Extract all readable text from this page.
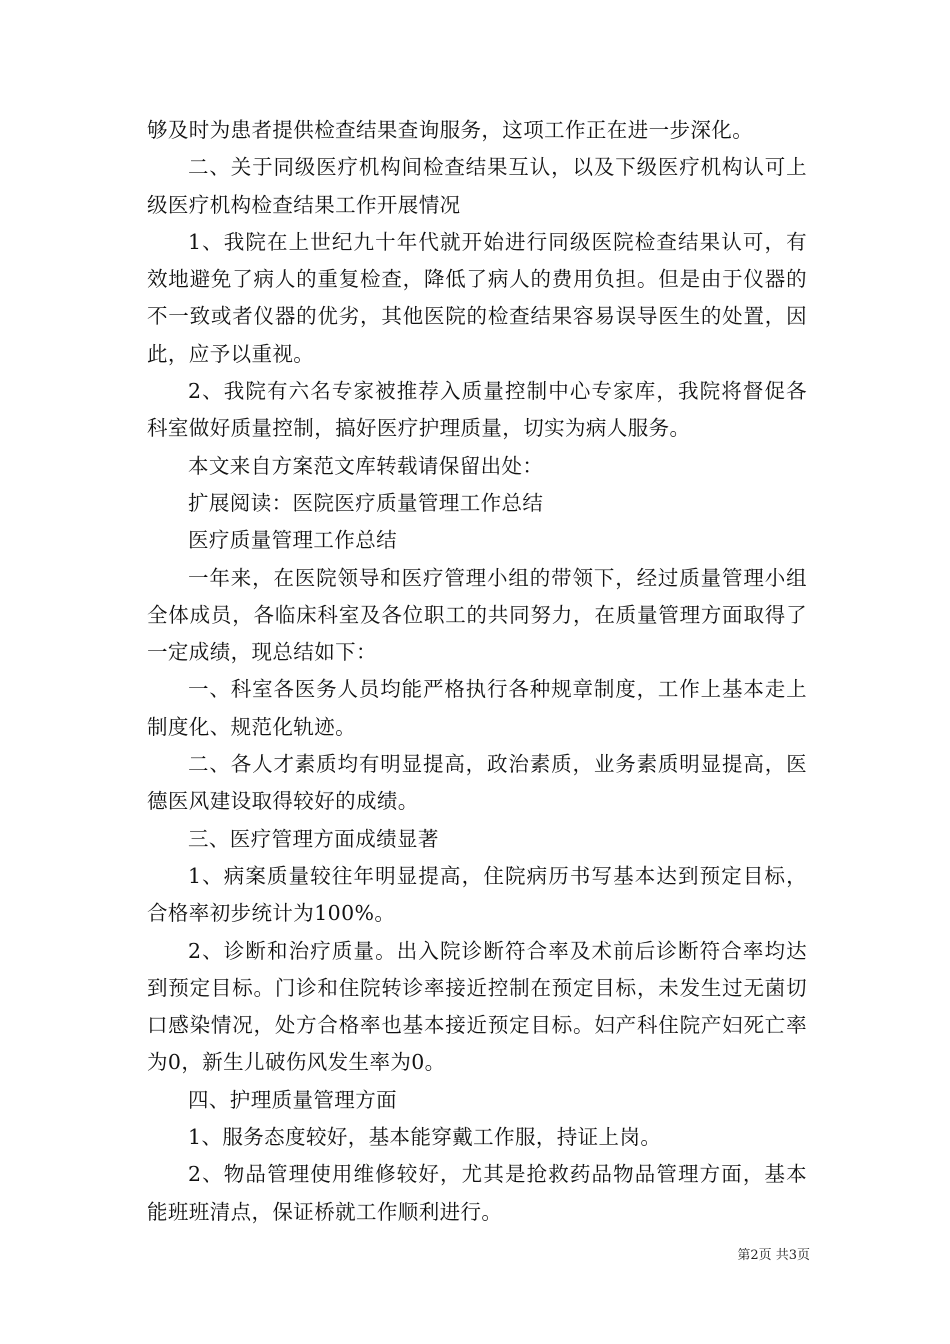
够及时为患者提供检查结果查询服务，这项工作正在进一步深化。

二、关于同级医疗机构间检查结果互认，以及下级医疗机构认可上级医疗机构检查结果工作开展情况

1、我院在上世纪九十年代就开始进行同级医院检查结果认可，有效地避免了病人的重复检查，降低了病人的费用负担。但是由于仪器的不一致或者仪器的优劣，其他医院的检查结果容易误导医生的处置，因此，应予以重视。

2、我院有六名专家被推荐入质量控制中心专家库，我院将督促各科室做好质量控制，搞好医疗护理质量，切实为病人服务。

本文来自方案范文库转载请保留出处：

扩展阅读：医院医疗质量管理工作总结

医疗质量管理工作总结

一年来，在医院领导和医疗管理小组的带领下，经过质量管理小组全体成员，各临床科室及各位职工的共同努力，在质量管理方面取得了一定成绩，现总结如下：

一、科室各医务人员均能严格执行各种规章制度，工作上基本走上制度化、规范化轨迹。

二、各人才素质均有明显提高，政治素质，业务素质明显提高，医德医风建设取得较好的成绩。

三、医疗管理方面成绩显著

1、病案质量较往年明显提高，住院病历书写基本达到预定目标，合格率初步统计为100%。

2、诊断和治疗质量。出入院诊断符合率及术前后诊断符合率均达到预定目标。门诊和住院转诊率接近控制在预定目标，未发生过无菌切口感染情况，处方合格率也基本接近预定目标。妇产科住院产妇死亡率为0，新生儿破伤风发生率为0。

四、护理质量管理方面

1、服务态度较好，基本能穿戴工作服，持证上岗。

2、物品管理使用维修较好，尤其是抢救药品物品管理方面，基本能班班清点，保证桥就工作顺利进行。

第2页 共3页
